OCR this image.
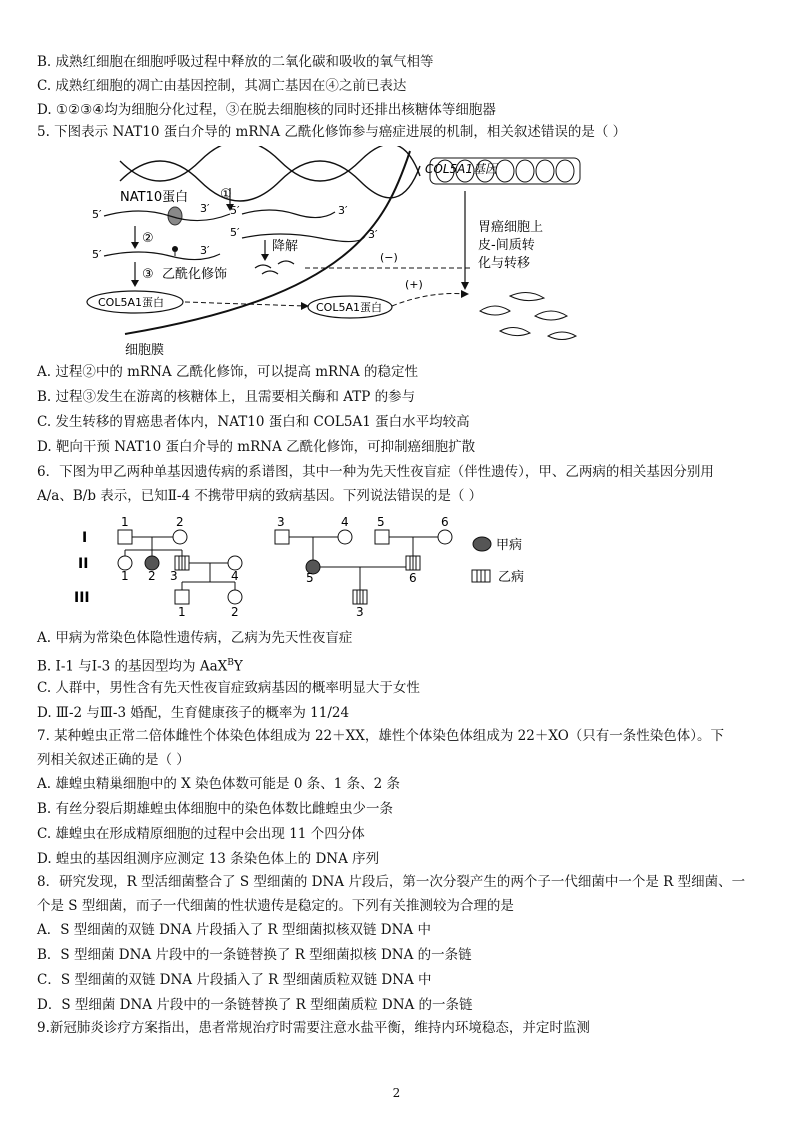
B. 成熟红细胞在细胞呼吸过程中释放的二氧化碳和吸收的氧气相等
C. 成熟红细胞的凋亡由基因控制，其凋亡基因在④之前已表达
D. ①②③④均为细胞分化过程，③在脱去细胞核的同时还排出核糖体等细胞器
5. 下图表示 NAT10 蛋白介导的 mRNA 乙酰化修饰参与癌症进展的机制，相关叙述错误的是（ ）
COL5A1基因
细胞膜
NAT10蛋白 ①
5′	3′ 5′	3′
5′	3′
②
5′	3′	降解
③ 乙酰化修饰
COL5A1蛋白	COL5A1蛋白
(−)
(+)
胃癌细胞上
皮-间质转
化与转移
A. 过程②中的 mRNA 乙酰化修饰，可以提高 mRNA 的稳定性
B. 过程③发生在游离的核糖体上，且需要相关酶和 ATP 的参与
C. 发生转移的胃癌患者体内，NAT10 蛋白和 COL5A1 蛋白水平均较高
D. 靶向干预 NAT10 蛋白介导的 mRNA 乙酰化修饰，可抑制癌细胞扩散
6．下图为甲乙两种单基因遗传病的系谱图，其中一种为先天性夜盲症（伴性遗传），甲、乙两病的相关基因分别用
A/a、B/b 表示，已知Ⅱ-4 不携带甲病的致病基因。下列说法错误的是（ ）
I
II
III
1	2
1 2 3	4
1	2
3	4 5	6
5	6
3
甲病
乙病
A. 甲病为常染色体隐性遗传病，乙病为先天性夜盲症
B. Ⅰ-1 与Ⅰ-3 的基因型均为 AaX$^B$Y
C. 人群中，男性含有先天性夜盲症致病基因的概率明显大于女性
D. Ⅲ-2 与Ⅲ-3 婚配，生育健康孩子的概率为 11/24
7. 某种蝗虫正常二倍体雌性个体染色体组成为 22＋XX，雄性个体染色体组成为 22＋XO（只有一条性染色体）。下
列相关叙述正确的是（ ）
A. 雄蝗虫精巢细胞中的 X 染色体数可能是 0 条、1 条、2 条
B. 有丝分裂后期雄蝗虫体细胞中的染色体数比雌蝗虫少一条
C. 雄蝗虫在形成精原细胞的过程中会出现 11 个四分体
D. 蝗虫的基因组测序应测定 13 条染色体上的 DNA 序列
8．研究发现，R 型活细菌整合了 S 型细菌的 DNA 片段后，第一次分裂产生的两个子一代细菌中一个是 R 型细菌、一
个是 S 型细菌，而子一代细菌的性状遗传是稳定的。下列有关推测较为合理的是
A．S 型细菌的双链 DNA 片段插入了 R 型细菌拟核双链 DNA 中
B．S 型细菌 DNA 片段中的一条链替换了 R 型细菌拟核 DNA 的一条链
C．S 型细菌的双链 DNA 片段插入了 R 型细菌质粒双链 DNA 中
D．S 型细菌 DNA 片段中的一条链替换了 R 型细菌质粒 DNA 的一条链
9.新冠肺炎诊疗方案指出，患者常规治疗时需要注意水盐平衡，维持内环境稳态，并定时监测
2
